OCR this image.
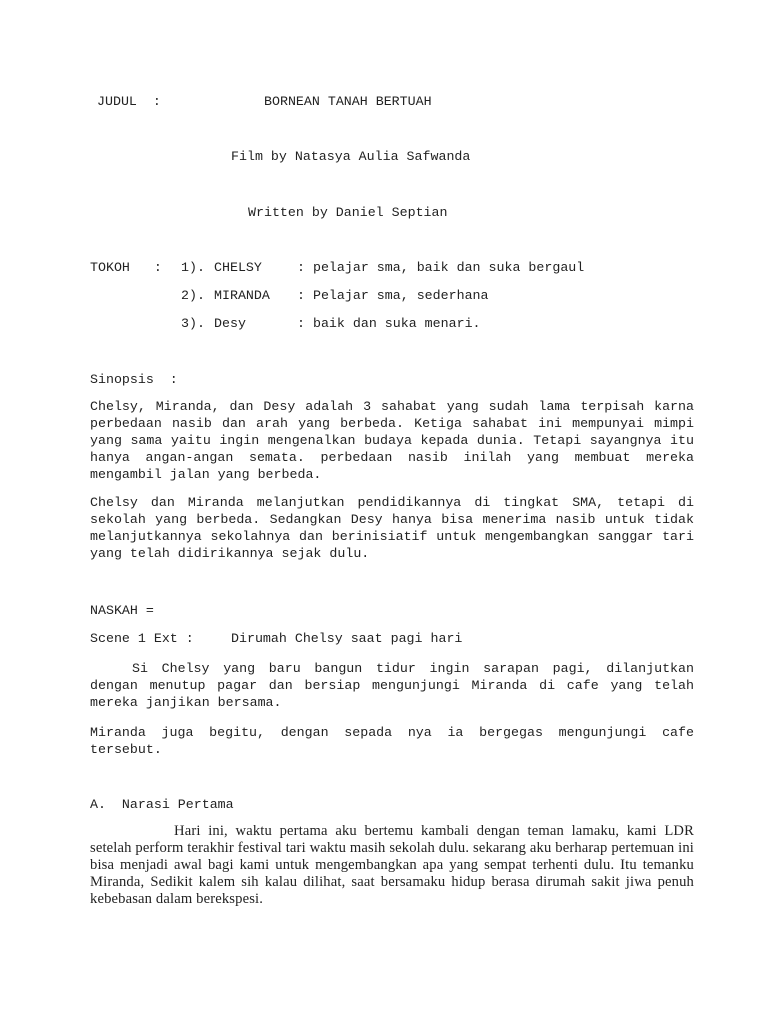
JUDUL  :	BORNEAN TANAH BERTUAH
Film by Natasya Aulia Safwanda
Written by Daniel Septian
TOKOH   : 1). CHELSY	: pelajar sma, baik dan suka bergaul
2). MIRANDA : Pelajar sma, sederhana
3). Desy	: baik dan suka menari.
Sinopsis  :

Chelsy, Miranda, dan Desy adalah 3 sahabat yang sudah lama terpisah karna perbedaan nasib dan arah yang berbeda. Ketiga sahabat ini mempunyai mimpi yang sama yaitu ingin mengenalkan budaya kepada dunia. Tetapi sayangnya itu hanya angan-angan semata. perbedaan nasib inilah yang membuat mereka mengambil jalan yang berbeda.

Chelsy dan Miranda melanjutkan pendidikannya di tingkat SMA, tetapi di sekolah yang berbeda. Sedangkan Desy hanya bisa menerima nasib untuk tidak melanjutkannya sekolahnya dan berinisiatif untuk mengembangkan sanggar tari yang telah didirikannya sejak dulu.

NASKAH =
Scene 1 Ext :	Dirumah Chelsy saat pagi hari

Si Chelsy yang baru bangun tidur ingin sarapan pagi, dilanjutkan dengan menutup pagar dan bersiap mengunjungi Miranda di cafe yang telah mereka janjikan bersama.

Miranda juga begitu, dengan sepada nya ia bergegas mengunjungi cafe tersebut.

A.  Narasi Pertama

Hari ini, waktu pertama aku bertemu kambali dengan teman lamaku, kami LDR setelah perform terakhir festival tari waktu masih sekolah dulu. sekarang aku berharap pertemuan ini bisa menjadi awal bagi kami untuk mengembangkan apa yang sempat terhenti dulu. Itu temanku Miranda, Sedikit kalem sih kalau dilihat, saat bersamaku hidup berasa dirumah sakit jiwa penuh kebebasan dalam berekspesi.
